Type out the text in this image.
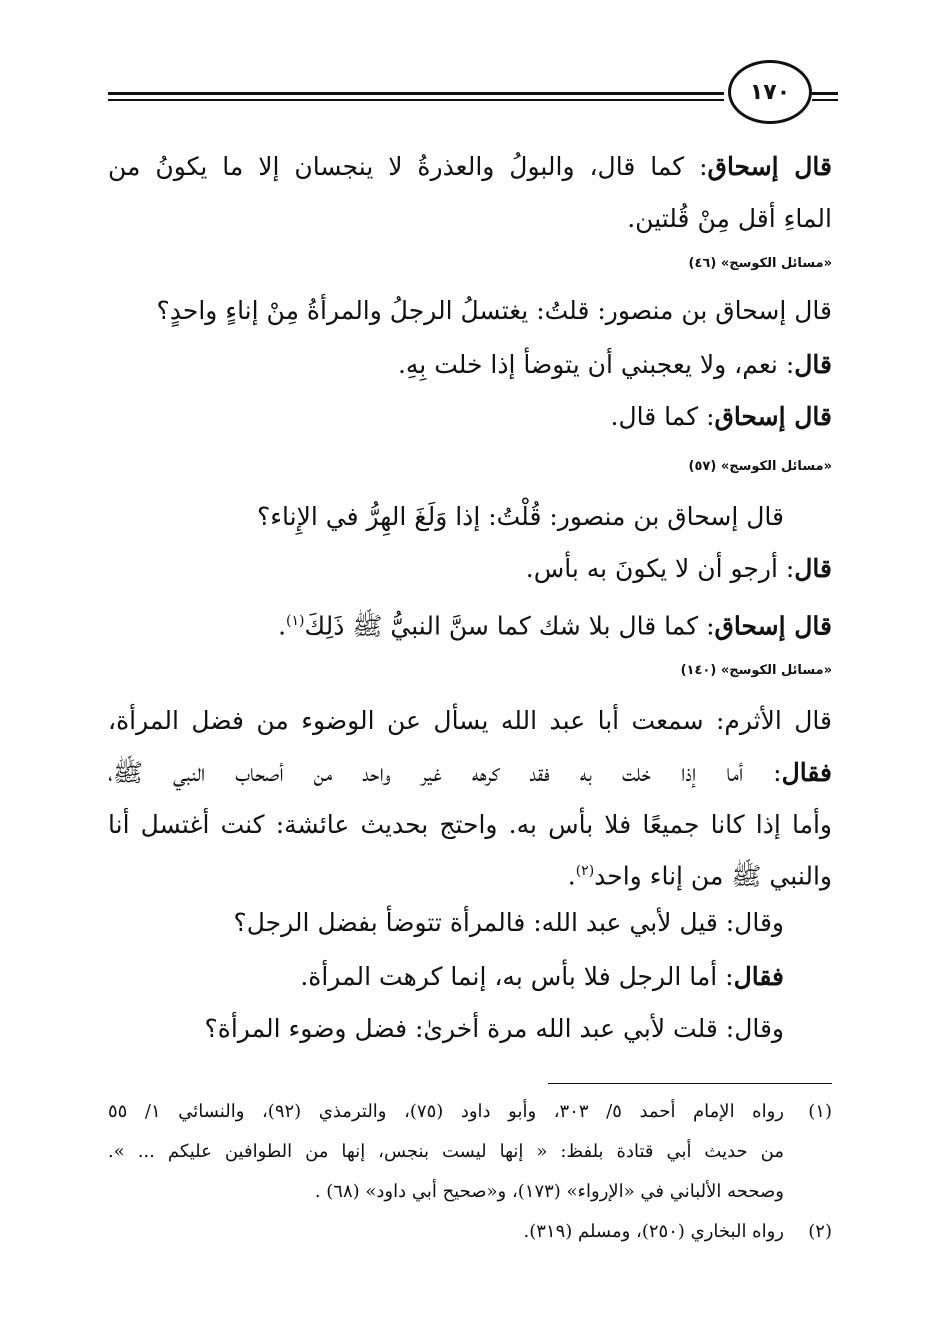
١٧٠
قال إسحاق: كما قال، والبولُ والعذرةُ لا ينجسان إلا ما يكونُ من
الماءِ أقل مِنْ قُلتين.
«مسائل الكوسج» (٤٦)
قال إسحاق بن منصور: قلتُ: يغتسلُ الرجلُ والمرأةُ مِنْ إناءٍ واحدٍ؟
قال: نعم، ولا يعجبني أن يتوضأ إذا خلت بِهِ.
قال إسحاق: كما قال.
«مسائل الكوسج» (٥٧)
قال إسحاق بن منصور: قُلْتُ: إذا وَلَغَ الهِرُّ في الإِناء؟
قال: أرجو أن لا يكونَ به بأس.
قال إسحاق: كما قال بلا شك كما سنَّ النبيُّ ﷺ ذَلِكَ$^{(١)}$.
«مسائل الكوسج» (١٤٠)
قال الأثرم: سمعت أبا عبد الله يسأل عن الوضوء من فضل المرأة،
فقال: أما إذا خلت به فقد كرهه غير واحد من أصحاب النبي ﷺ،
وأما إذا كانا جميعًا فلا بأس به. واحتج بحديث عائشة: كنت أغتسل أنا
والنبي ﷺ من إناء واحد$^{(٢)}$.
وقال: قيل لأبي عبد الله: فالمرأة تتوضأ بفضل الرجل؟
فقال: أما الرجل فلا بأس به، إنما كرهت المرأة.
وقال: قلت لأبي عبد الله مرة أخرىٰ: فضل وضوء المرأة؟
(١)
رواه الإمام أحمد ٥/ ٣٠٣، وأبو داود (٧٥)، والترمذي (٩٢)، والنسائي ١/ ٥٥
من حديث أبي قتادة بلفظ: « إنها ليست بنجس، إنها من الطوافين عليكم ... ».
وصححه الألباني في «الإرواء» (١٧٣)، و«صحيح أبي داود» (٦٨) .
(٢)
رواه البخاري (٢٥٠)، ومسلم (٣١٩).
